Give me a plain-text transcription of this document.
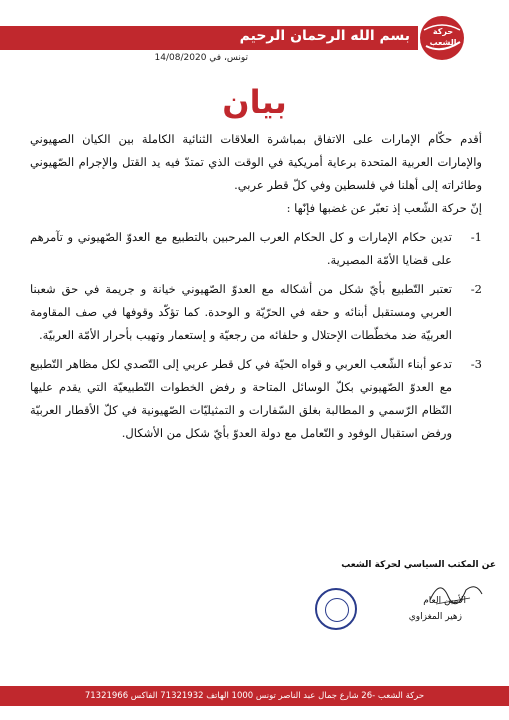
بسم الله الرحمان الرحيم	حركة الشعب
تونس، في 14/08/2020
بيان

أقدم حكّام الإمارات على الاتفاق بمباشرة العلاقات الثنائية الكاملة بين الكيان الصهيوني والإمارات العربية المتحدة برعاية أمريكية في الوقت الذي تمتدّ فيه يد القتل والإجرام الصّهيوني وطائراته إلى أهلنا في فلسطين وفي كلّ قطر عربي.

إنّ حركة الشّعب إذ تعبّر عن غضبها فإنّها :

-1
تدين حكام الإمارات و كل الحكام العرب المرحبين بالتطبيع مع العدوّ الصّهيوني و تآمرهم على قضايا الأمّة المصيرية.
-2
تعتبر التّطبيع بأيّ شكل من أشكاله مع العدوّ الصّهيوني خيانة و جريمة في حق شعبنا العربي ومستقبل أبنائه و حقه في الحرّيّة و الوحدة. كما تؤكّد وقوفها في صف المقاومة العربيّة ضد مخطّطات الإحتلال و حلفائه من رجعيّة و إستعمار وتهيب بأحرار الأمّة العربيّة.
-3
تدعو أبناء الشّعب العربي و قواه الحيّة في كل قطر عربي إلى التّصدي لكل مظاهر التّطبيع مع العدوّ الصّهيوني بكلّ الوسائل المتاحة و رفض الخطوات التّطبيعيّة التي يقدم عليها النّظام الرّسمي و المطالبة بغلق السّفارات و التمثيليّات الصّهيونية في كلّ الأقطار العربيّة ورفض استقبال الوفود و التّعامل مع دولة العدوّ بأيّ شكل من الأشكال.
عن المكتب السياسي لحركة الشعب
الأمين العام
زهير المغزاوي
حركة الشعب -26 شارع جمال عبد الناصر تونس 1000 الهاتف 71321932 الفاكس 71321966
